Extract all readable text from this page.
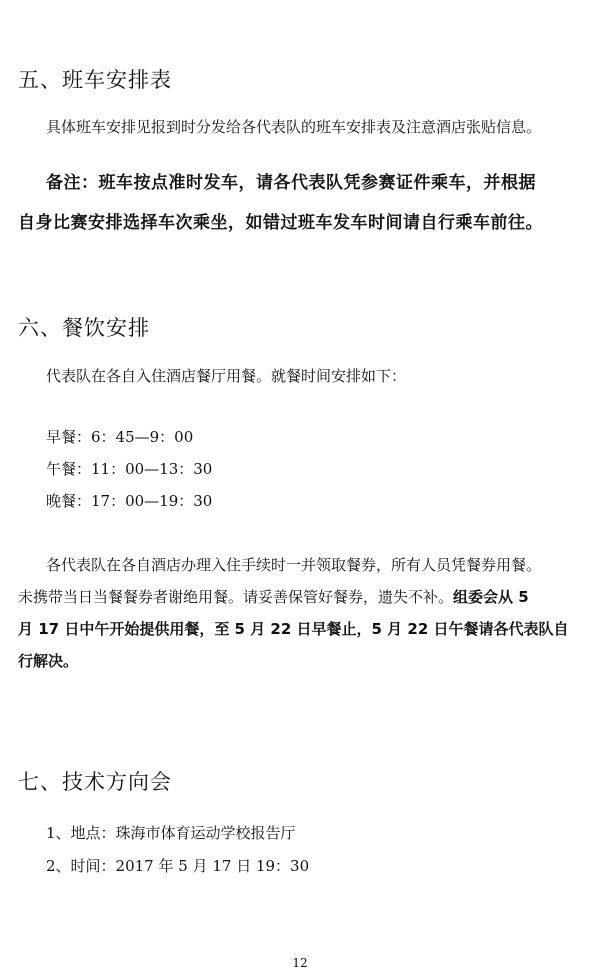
五、班车安排表

具体班车安排见报到时分发给各代表队的班车安排表及注意酒店张贴信息。

备注：班车按点准时发车，请各代表队凭参赛证件乘车，并根据

自身比赛安排选择车次乘坐，如错过班车发车时间请自行乘车前往。

六、餐饮安排

代表队在各自入住酒店餐厅用餐。就餐时间安排如下：

早餐：6：45—9：00

午餐：11：00—13：30

晚餐：17：00—19：30

各代表队在各自酒店办理入住手续时一并领取餐券，所有人员凭餐券用餐。

未携带当日当餐餐券者谢绝用餐。请妥善保管好餐券，遗失不补。组委会从 5

月 17 日中午开始提供用餐，至 5 月 22 日早餐止，5 月 22 日午餐请各代表队自

行解决。

七、技术方向会

1、地点：珠海市体育运动学校报告厅

2、时间：2017 年 5 月 17 日 19：30

12
